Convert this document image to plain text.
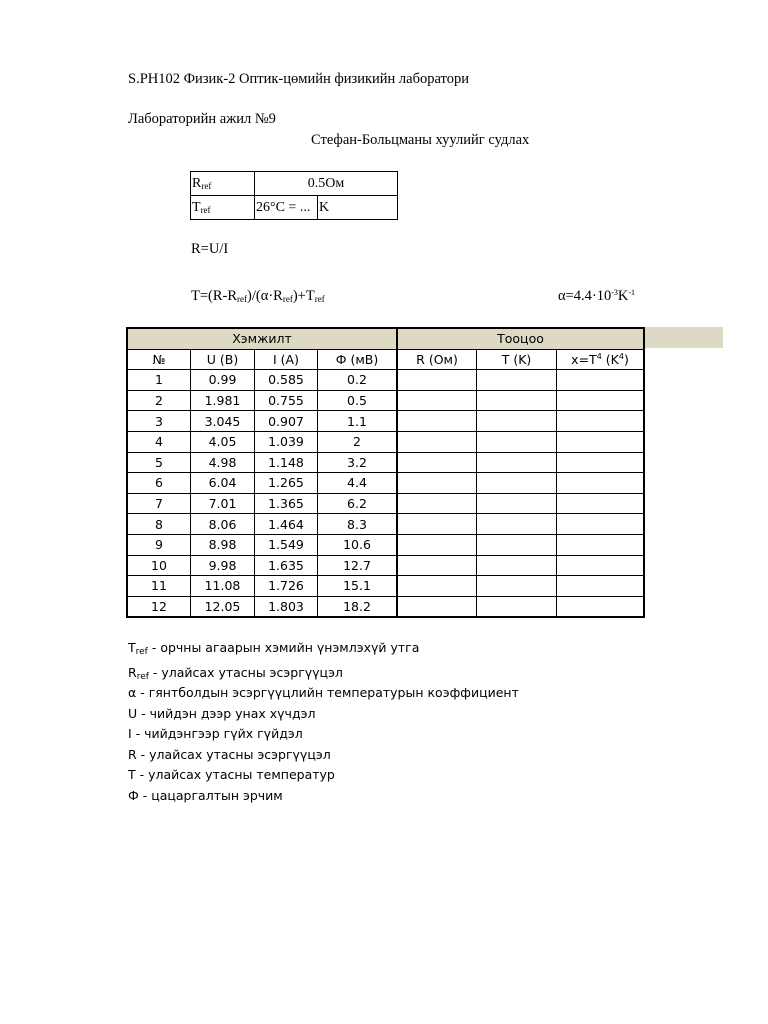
S.PH102 Физик-2 Оптик-цөмийн физикийн лаборатори
Лабораторийн ажил №9
Стефан-Больцманы хуулийг судлах
$R_{ref}$	0.5Ом	
$T_{ref}$	26°C = ...	K
R=U/I
$T=(R-R_{ref})/(\alpha\cdot R_{ref})+T_{ref}$	$\alpha=4.4\cdot 10^{-3}K^{-1}$
Хэмжилт				Тооцоо		
№	U (В)	I (А)	Ф (мВ)	R (Ом)	T (K)	$x=T^4$ $(K^4)$
1	0.99	0.585	0.2			
2	1.981	0.755	0.5			
3	3.045	0.907	1.1			
4	4.05	1.039	2			
5	4.98	1.148	3.2			
6	6.04	1.265	4.4			
7	7.01	1.365	6.2			
8	8.06	1.464	8.3			
9	8.98	1.549	10.6			
10	9.98	1.635	12.7			
11	11.08	1.726	15.1			
12	12.05	1.803	18.2			
$T_{ref}$ - орчны агаарын хэмийн үнэмлэхүй утга
$R_{ref}$ - улайсах утасны эсэргүүцэл
α - гянтболдын эсэргүүцлийн температурын коэффициент
U - чийдэн дээр унах хүчдэл
I - чийдэнгээр гүйх гүйдэл
R - улайсах утасны эсэргүүцэл
T - улайсах утасны температур
Ф - цацаргалтын эрчим
